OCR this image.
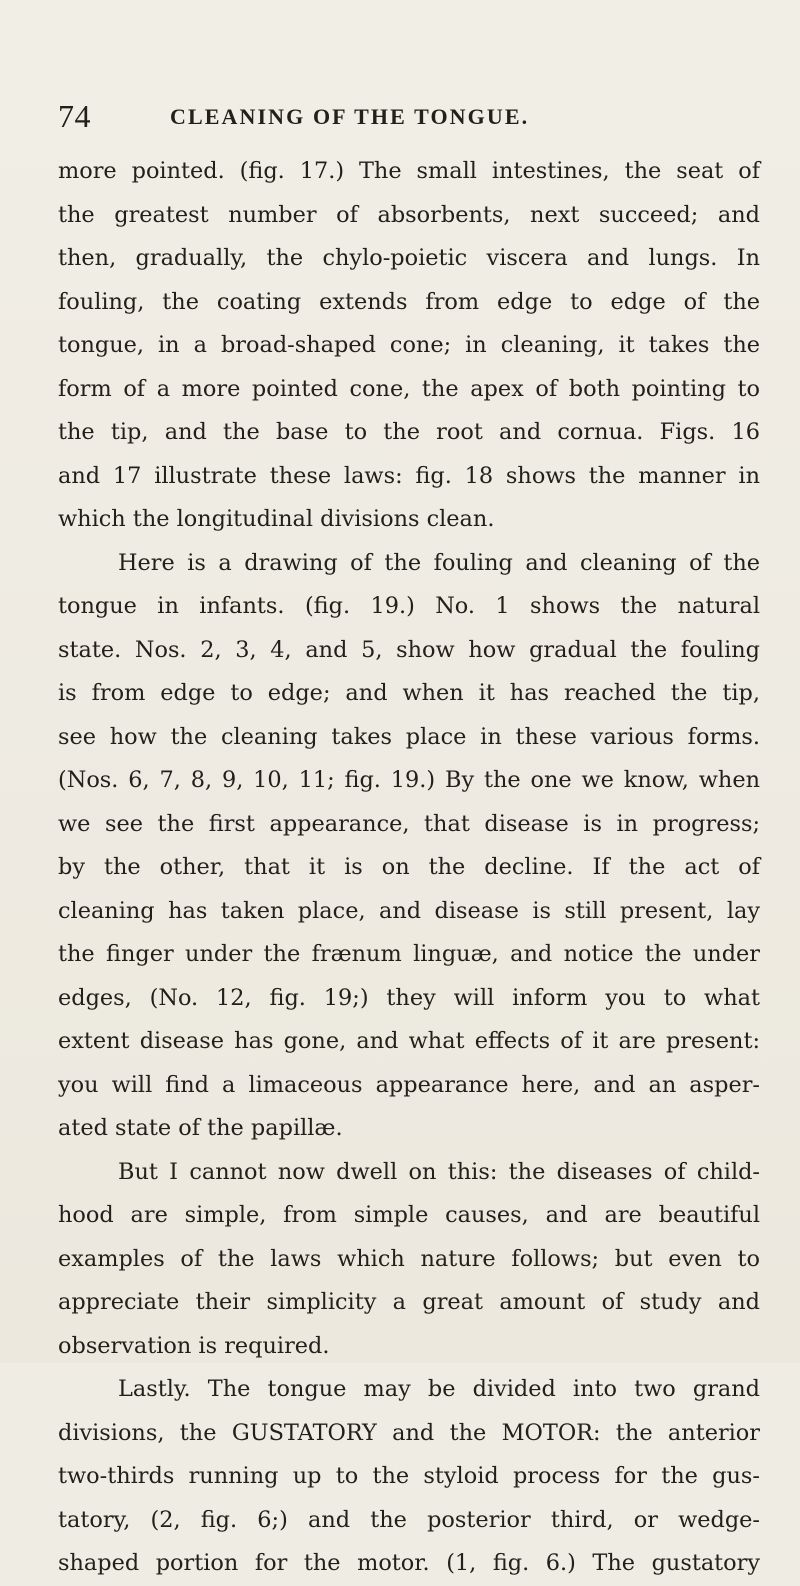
74	CLEANING OF THE TONGUE.
more pointed. (fig. 17.) The small intestines, the seat of
the greatest number of absorbents, next succeed; and
then, gradually, the chylo-poietic viscera and lungs. In
fouling, the coating extends from edge to edge of the
tongue, in a broad-shaped cone; in cleaning, it takes the
form of a more pointed cone, the apex of both pointing to
the tip, and the base to the root and cornua. Figs. 16
and 17 illustrate these laws: fig. 18 shows the manner in
which the longitudinal divisions clean.
Here is a drawing of the fouling and cleaning of the
tongue in infants. (fig. 19.) No. 1 shows the natural
state. Nos. 2, 3, 4, and 5, show how gradual the fouling
is from edge to edge; and when it has reached the tip,
see how the cleaning takes place in these various forms.
(Nos. 6, 7, 8, 9, 10, 11; fig. 19.) By the one we know, when
we see the first appearance, that disease is in progress;
by the other, that it is on the decline. If the act of
cleaning has taken place, and disease is still present, lay
the finger under the frænum linguæ, and notice the under
edges, (No. 12, fig. 19;) they will inform you to what
extent disease has gone, and what effects of it are present:
you will find a limaceous appearance here, and an asper-
ated state of the papillæ.
But I cannot now dwell on this: the diseases of child-
hood are simple, from simple causes, and are beautiful
examples of the laws which nature follows; but even to
appreciate their simplicity a great amount of study and
observation is required.
Lastly. The tongue may be divided into two grand
divisions, the GUSTATORY and the MOTOR: the anterior
two-thirds running up to the styloid process for the gus-
tatory, (2, fig. 6;) and the posterior third, or wedge-
shaped portion for the motor. (1, fig. 6.) The gustatory
